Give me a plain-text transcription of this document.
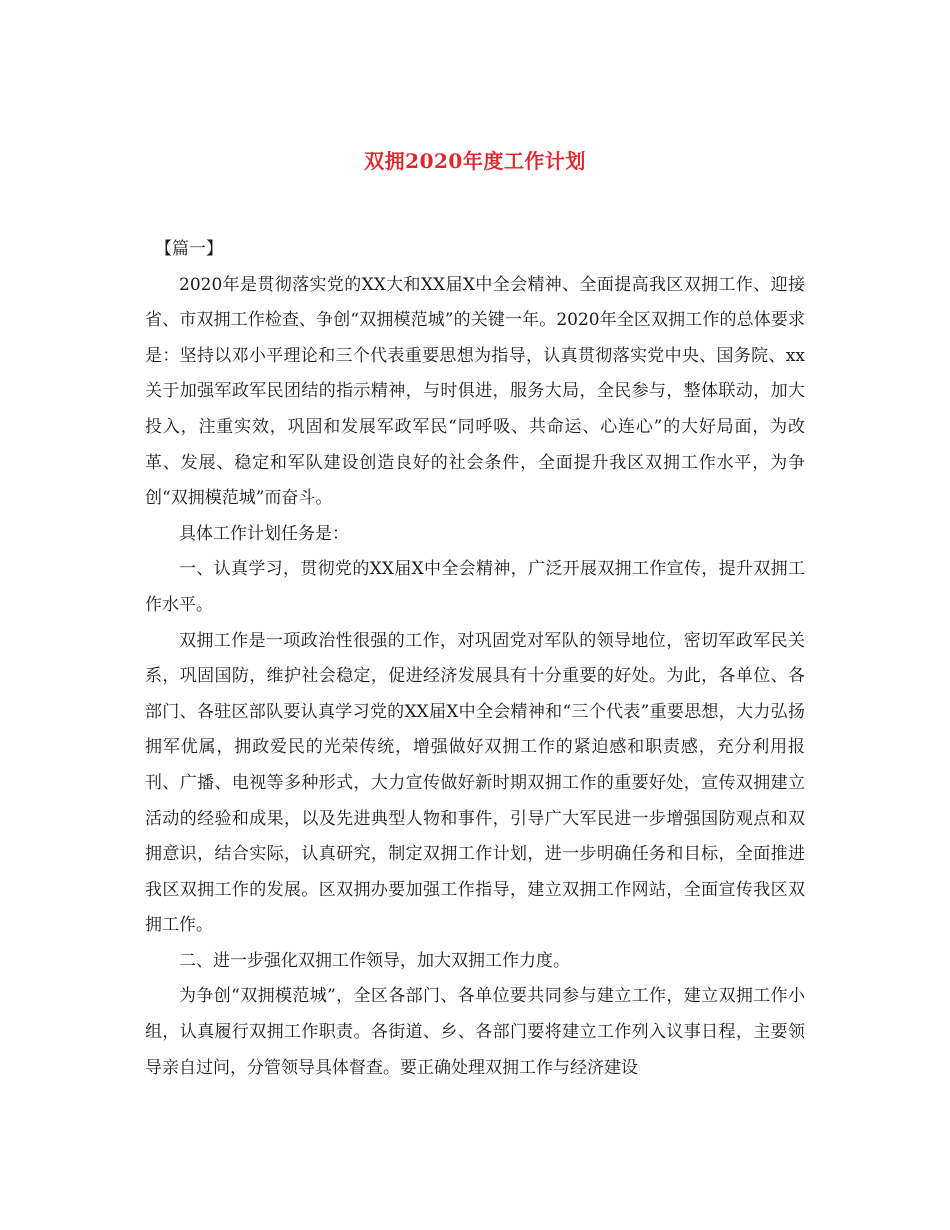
双拥2020年度工作计划

【篇一】

2020年是贯彻落实党的XX大和XX届X中全会精神、全面提高我区双拥工作、迎接省、市双拥工作检查、争创“双拥模范城”的关键一年。2020年全区双拥工作的总体要求是：坚持以邓小平理论和三个代表重要思想为指导，认真贯彻落实党中央、国务院、xx关于加强军政军民团结的指示精神，与时俱进，服务大局，全民参与，整体联动，加大投入，注重实效，巩固和发展军政军民“同呼吸、共命运、心连心”的大好局面，为改革、发展、稳定和军队建设创造良好的社会条件，全面提升我区双拥工作水平，为争创“双拥模范城”而奋斗。

具体工作计划任务是：

一、认真学习，贯彻党的XX届X中全会精神，广泛开展双拥工作宣传，提升双拥工作水平。

双拥工作是一项政治性很强的工作，对巩固党对军队的领导地位，密切军政军民关系，巩固国防，维护社会稳定，促进经济发展具有十分重要的好处。为此，各单位、各部门、各驻区部队要认真学习党的XX届X中全会精神和“三个代表”重要思想，大力弘扬拥军优属，拥政爱民的光荣传统，增强做好双拥工作的紧迫感和职责感，充分利用报刊、广播、电视等多种形式，大力宣传做好新时期双拥工作的重要好处，宣传双拥建立活动的经验和成果，以及先进典型人物和事件，引导广大军民进一步增强国防观点和双拥意识，结合实际，认真研究，制定双拥工作计划，进一步明确任务和目标，全面推进我区双拥工作的发展。区双拥办要加强工作指导，建立双拥工作网站，全面宣传我区双拥工作。

二、进一步强化双拥工作领导，加大双拥工作力度。

为争创“双拥模范城”，全区各部门、各单位要共同参与建立工作，建立双拥工作小组，认真履行双拥工作职责。各街道、乡、各部门要将建立工作列入议事日程，主要领导亲自过问，分管领导具体督查。要正确处理双拥工作与经济建设
